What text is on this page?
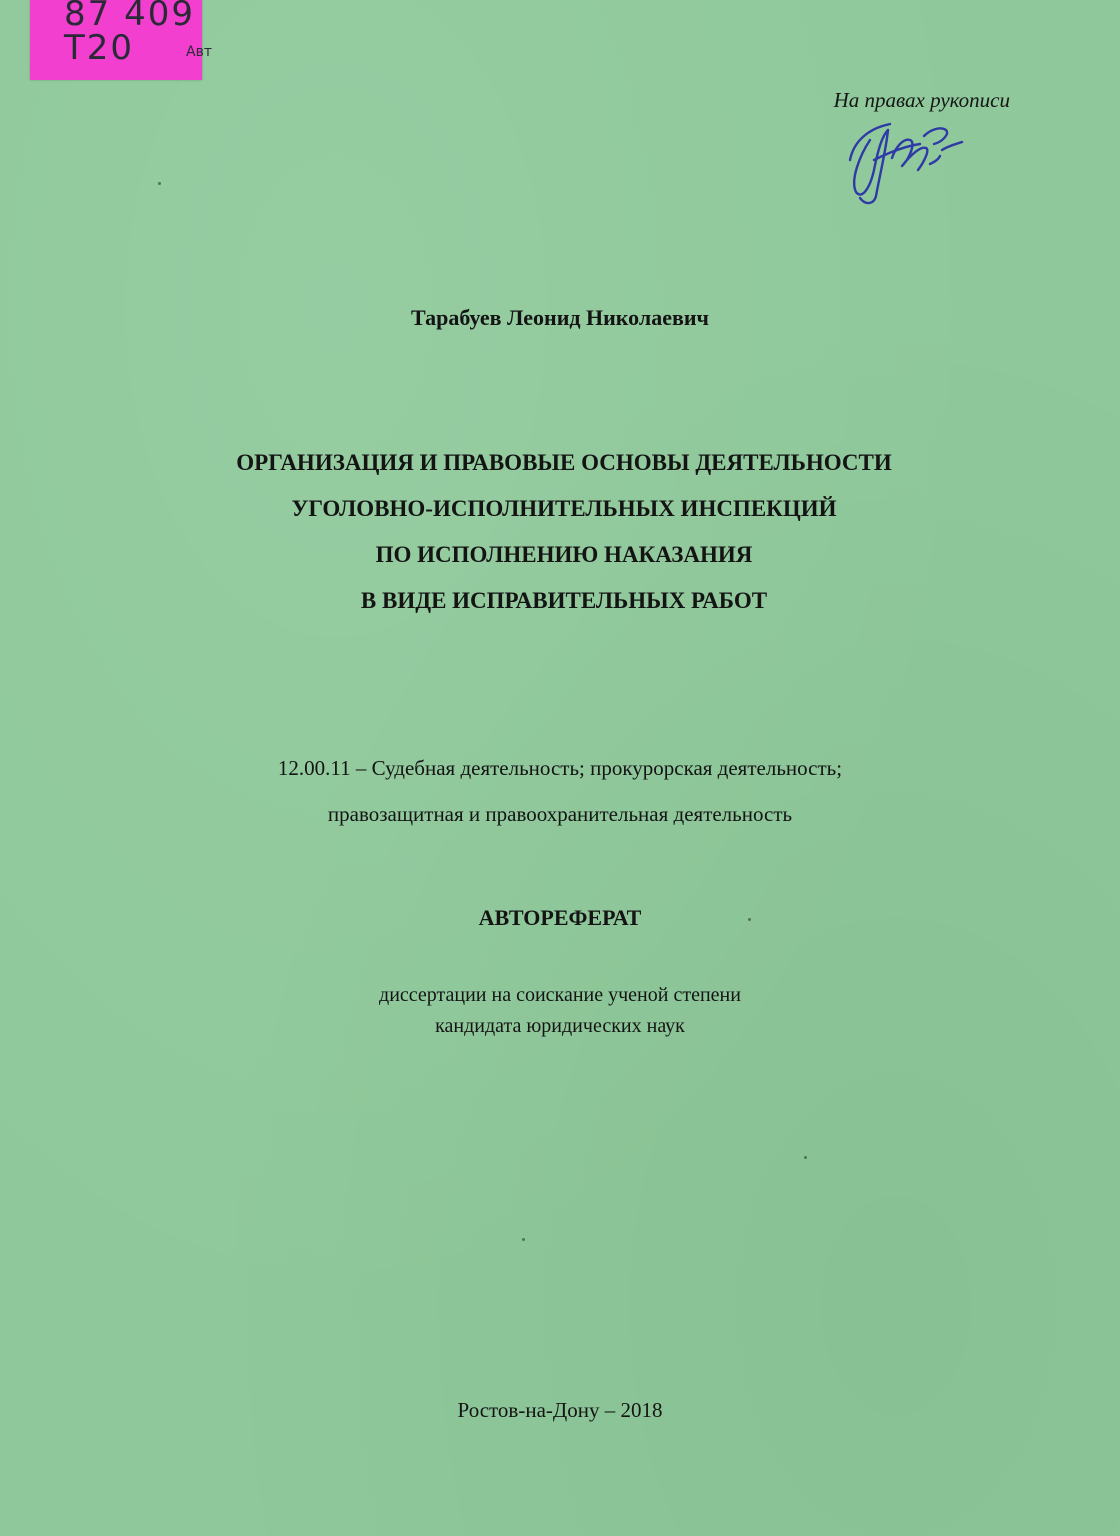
87 409
Т20	Авт
На правах рукописи
Тарабуев Леонид Николаевич
ОРГАНИЗАЦИЯ И ПРАВОВЫЕ ОСНОВЫ ДЕЯТЕЛЬНОСТИ
УГОЛОВНО-ИСПОЛНИТЕЛЬНЫХ ИНСПЕКЦИЙ
ПО ИСПОЛНЕНИЮ НАКАЗАНИЯ
В ВИДЕ ИСПРАВИТЕЛЬНЫХ РАБОТ
12.00.11 – Судебная деятельность; прокурорская деятельность;
правозащитная и правоохранительная деятельность
АВТОРЕФЕРАТ
диссертации на соискание ученой степени
кандидата юридических наук
Ростов-на-Дону – 2018
